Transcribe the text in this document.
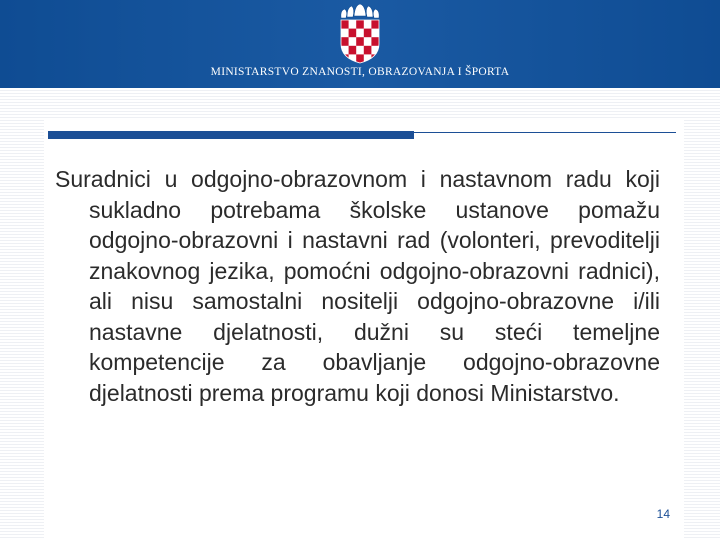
MINISTARSTVO ZNANOSTI, OBRAZOVANJA I ŠPORTA
Suradnici u odgojno-obrazovnom i nastavnom radu koji sukladno potrebama školske ustanove pomažu odgojno-obrazovni i nastavni rad (volonteri, prevoditelji znakovnog jezika, pomoćni odgojno-obrazovni radnici), ali nisu samostalni nositelji odgojno-obrazovne i/ili nastavne djelatnosti, dužni su steći temeljne kompetencije za obavljanje odgojno-obrazovne djelatnosti prema programu koji donosi Ministarstvo.
14
